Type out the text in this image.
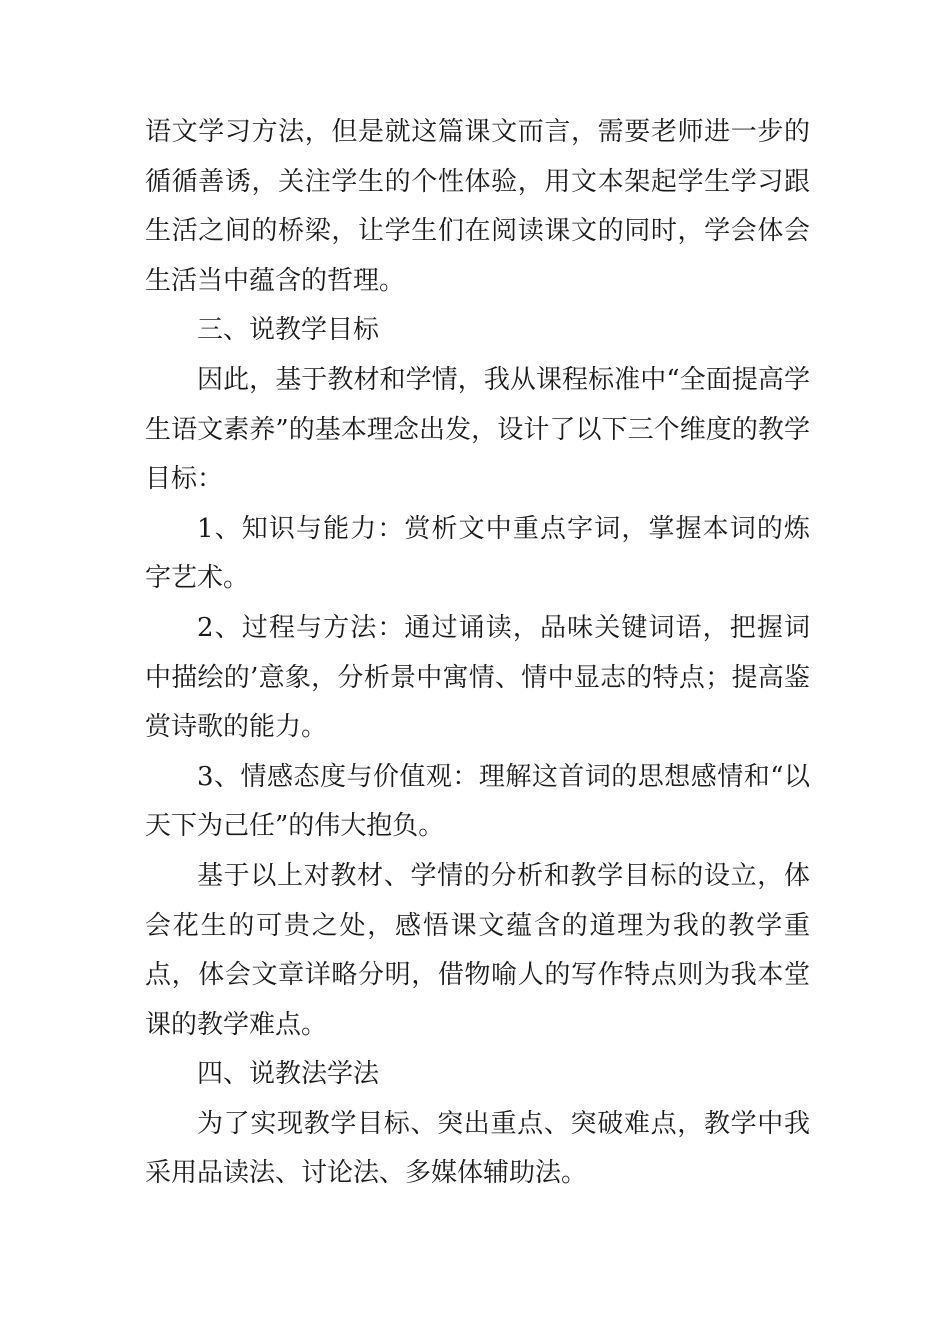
语文学习方法，但是就这篇课文而言，需要老师进一步的循循善诱，关注学生的个性体验，用文本架起学生学习跟生活之间的桥梁，让学生们在阅读课文的同时，学会体会生活当中蕴含的哲理。

三、说教学目标

因此，基于教材和学情，我从课程标准中“全面提高学生语文素养”的基本理念出发，设计了以下三个维度的教学目标：

1、知识与能力：赏析文中重点字词，掌握本词的炼字艺术。

2、过程与方法：通过诵读，品味关键词语，把握词中描绘的’意象，分析景中寓情、情中显志的特点；提高鉴赏诗歌的能力。

3、情感态度与价值观：理解这首词的思想感情和“以天下为己任”的伟大抱负。

基于以上对教材、学情的分析和教学目标的设立，体会花生的可贵之处，感悟课文蕴含的道理为我的教学重点，体会文章详略分明，借物喻人的写作特点则为我本堂课的教学难点。

四、说教法学法

为了实现教学目标、突出重点、突破难点，教学中我采用品读法、讨论法、多媒体辅助法。
